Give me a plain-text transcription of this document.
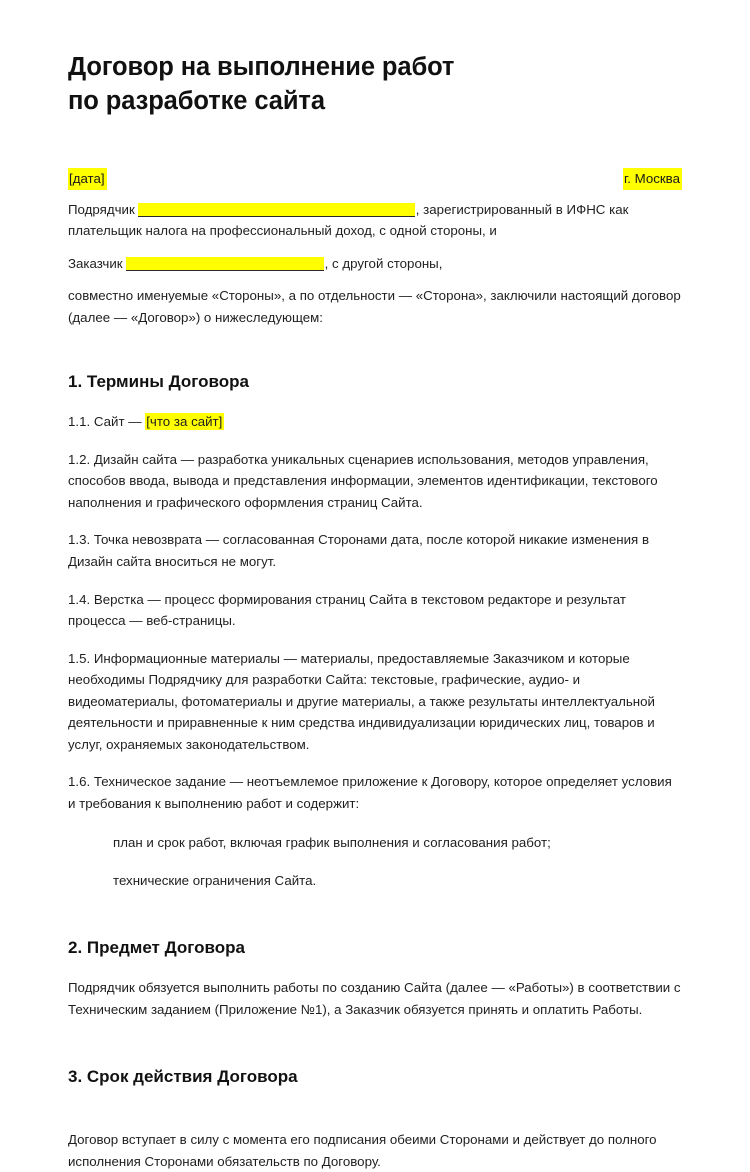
Договор на выполнение работ
по разработке сайта
[дата]	г. Москва

Подрядчик	, зарегистрированный в ИФНС как плательщик налога на профессиональный доход, с одной стороны, и

Заказчик	, с другой стороны,

совместно именуемые «Стороны», а по отдельности — «Сторона», заключили настоящий договор (далее — «Договор») о нижеследующем:

1. Термины Договора

1.1. Сайт — [что за сайт]

1.2. Дизайн сайта — разработка уникальных сценариев использования, методов управления, способов ввода, вывода и представления информации, элементов идентификации, текстового наполнения и графического оформления страниц Сайта.

1.3. Точка невозврата — согласованная Сторонами дата, после которой никакие изменения в Дизайн сайта вноситься не могут.

1.4. Верстка — процесс формирования страниц Сайта в текстовом редакторе и результат процесса — веб-страницы.

1.5. Информационные материалы — материалы, предоставляемые Заказчиком и которые необходимы Подрядчику для разработки Сайта: текстовые, графические, аудио- и видеоматериалы, фотоматериалы и другие материалы, а также результаты интеллектуальной деятельности и приравненные к ним средства индивидуализации юридических лиц, товаров и услуг, охраняемых законодательством.

1.6. Техническое задание — неотъемлемое приложение к Договору, которое определяет условия и требования к выполнению работ и содержит:

план и срок работ, включая график выполнения и согласования работ;

технические ограничения Сайта.

2. Предмет Договора

Подрядчик обязуется выполнить работы по созданию Сайта (далее — «Работы») в соответствии с Техническим заданием (Приложение №1), а Заказчик обязуется принять и оплатить Работы.

3. Срок действия Договора

Договор вступает в силу с момента его подписания обеими Сторонами и действует до полного исполнения Сторонами обязательств по Договору.
